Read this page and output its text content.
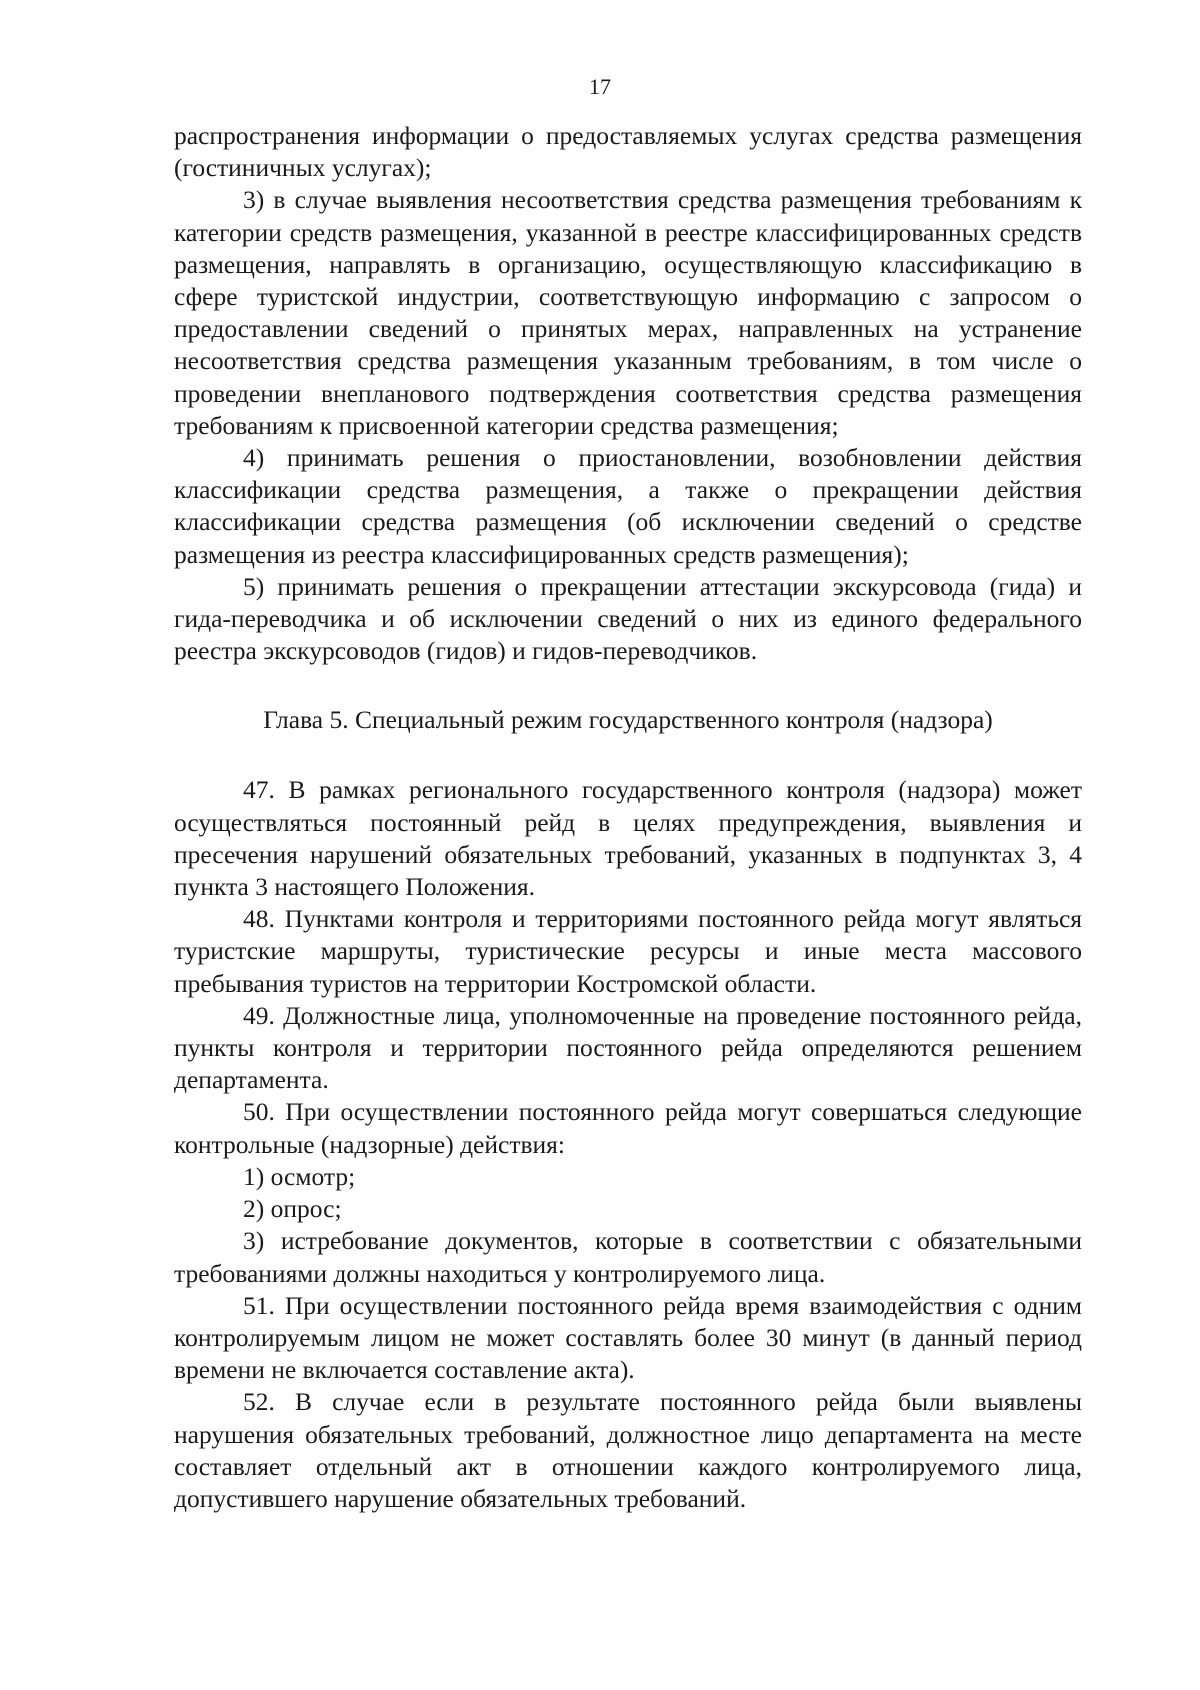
17

распространения информации о предоставляемых услугах средства размещения (гостиничных услугах);

3) в случае выявления несоответствия средства размещения требованиям к категории средств размещения, указанной в реестре классифицированных средств размещения, направлять в организацию, осуществляющую классификацию в сфере туристской индустрии, соответствующую информацию с запросом о предоставлении сведений о принятых мерах, направленных на устранение несоответствия средства размещения указанным требованиям, в том числе о проведении внепланового подтверждения соответствия средства размещения требованиям к присвоенной категории средства размещения;

4) принимать решения о приостановлении, возобновлении действия классификации средства размещения, а также о прекращении действия классификации средства размещения (об исключении сведений о средстве размещения из реестра классифицированных средств размещения);

5) принимать решения о прекращении аттестации экскурсовода (гида) и гида-переводчика и об исключении сведений о них из единого федерального реестра экскурсоводов (гидов) и гидов-переводчиков.

Глава 5. Специальный режим государственного контроля (надзора)

47. В рамках регионального государственного контроля (надзора) может осуществляться постоянный рейд в целях предупреждения, выявления и пресечения нарушений обязательных требований, указанных в подпунктах 3, 4 пункта 3 настоящего Положения.

48. Пунктами контроля и территориями постоянного рейда могут являться туристские маршруты, туристические ресурсы и иные места массового пребывания туристов на территории Костромской области.

49. Должностные лица, уполномоченные на проведение постоянного рейда, пункты контроля и территории постоянного рейда определяются решением департамента.

50. При осуществлении постоянного рейда могут совершаться следующие контрольные (надзорные) действия:

1) осмотр;

2) опрос;

3) истребование документов, которые в соответствии с обязательными требованиями должны находиться у контролируемого лица.

51. При осуществлении постоянного рейда время взаимодействия с одним контролируемым лицом не может составлять более 30 минут (в данный период времени не включается составление акта).

52. В случае если в результате постоянного рейда были выявлены нарушения обязательных требований, должностное лицо департамента на месте составляет отдельный акт в отношении каждого контролируемого лица, допустившего нарушение обязательных требований.
